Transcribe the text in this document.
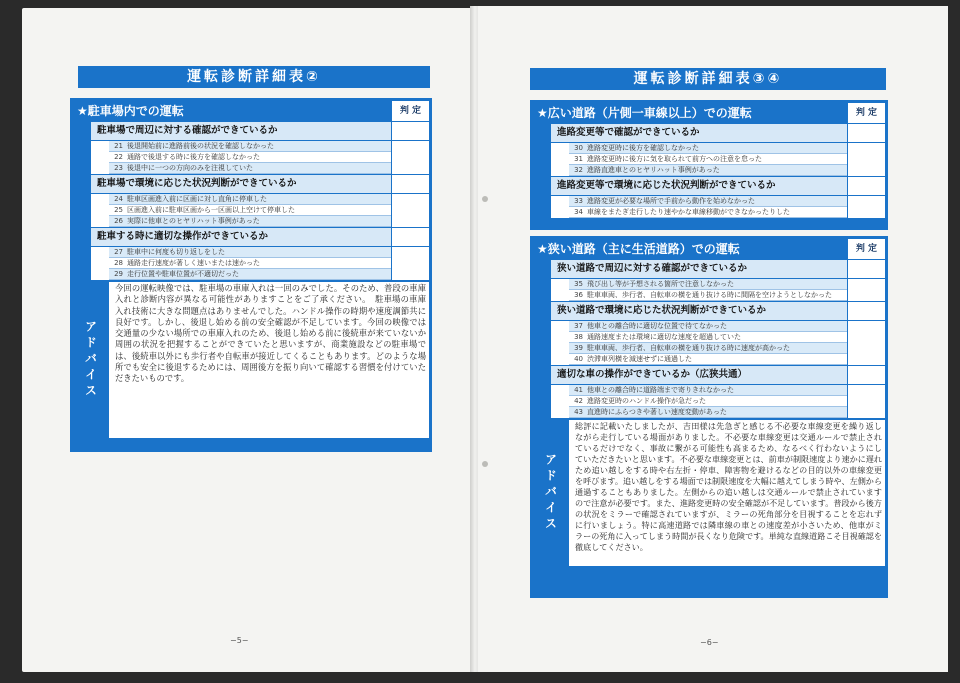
運転診断詳細表②
★駐車場内での運転	判 定
駐車場で周辺に対する確認ができているか
21 後退開始前に進路前後の状況を確認しなかった
22 通路で後退する時に後方を確認しなかった
23 後退中に一つの方向のみを注視していた
駐車場で環境に応じた状況判断ができているか
24 駐車区画進入前に区画に対し直角に停車した
25 区画進入前に駐車区画から一区画以上空けて停車した
26 実際に他車とのヒヤリハット事例があった
駐車する時に適切な操作ができているか
27 駐車中に何度も切り返しをした
28 通路走行速度が著しく速いまたは速かった
29 走行位置や駐車位置が不適切だった
アドバイス
今回の運転映像では、駐車場の車庫入れは一回のみでした。そのため、普段の車庫入れと診断内容が異なる可能性がありますことをご了承ください。　駐車場の車庫入れ技術に大きな問題点はありませんでした。ハンドル操作の時期や速度調節共に良好です。しかし、後退し始める前の安全確認が不足しています。今回の映像では交通量の少ない場所での車庫入れのため、後退し始める前に後続車が来ていないか周囲の状況を把握することができていたと思いますが、商業施設などの駐車場では、後続車以外にも歩行者や自転車が接近してくることもあります。どのような場所でも安全に後退するためには、周囲後方を振り向いて確認する習慣を付けていただきたいものです。
−5−
運転診断詳細表③④
★広い道路（片側一車線以上）での運転	判 定
進路変更等で確認ができているか
30 進路変更時に後方を確認しなかった
31 進路変更時に後方に気を取られて前方への注意を怠った
32 進路直進車とのヒヤリハット事例があった
進路変更等で環境に応じた状況判断ができているか
33 進路変更が必要な場所で手前から動作を始めなかった
34 車線をまたぎ走行したり速やかな車線移動ができなかったりした
★狭い道路（主に生活道路）での運転	判 定
狭い道路で周辺に対する確認ができているか
35 飛び出し等が予想される箇所で注意しなかった
36 駐車車両、歩行者、自転車の横を通り抜ける時に間隔を空けようとしなかった
狭い道路で環境に応じた状況判断ができているか
37 他車との離合時に適切な位置で待てなかった
38 通路速度または環境に適切な速度を超過していた
39 駐車車両、歩行者、自転車の横を通り抜ける時に速度が高かった
40 渋滞車列横を減速せずに通過した
適切な車の操作ができているか（広狭共通）
41 他車との離合時に道路端まで寄りきれなかった
42 進路変更時のハンドル操作が急だった
43 直進時にふらつきや著しい速度変動があった
アドバイス
総評に記載いたしましたが、吉田様は先急ぎと感じる不必要な車線変更を繰り返しながら走行している場面がありました。不必要な車線変更は交通ルールで禁止されているだけでなく、事故に繋がる可能性も高まるため、なるべく行わないようにしていただきたいと思います。不必要な車線変更とは、前車が制限速度より速かに遅れため追い越しをする時や右左折・停車、障害物を避けるなどの目的以外の車線変更を呼びます。追い越しをする場面では制限速度を大幅に越えてしまう時や、左側から通過することもありました。左側からの追い越しは交通ルールで禁止されていますので注意が必要です。また、進路変更時の安全確認が不足しています。普段から後方の状況をミラーで確認されていますが、ミラーの死角部分を目視することを忘れずに行いましょう。特に高速道路では隣車線の車との速度差が小さいため、他車がミラーの死角に入ってしまう時間が長くなり危険です。単純な直線道路こそ目視確認を徹底してください。
−6−
